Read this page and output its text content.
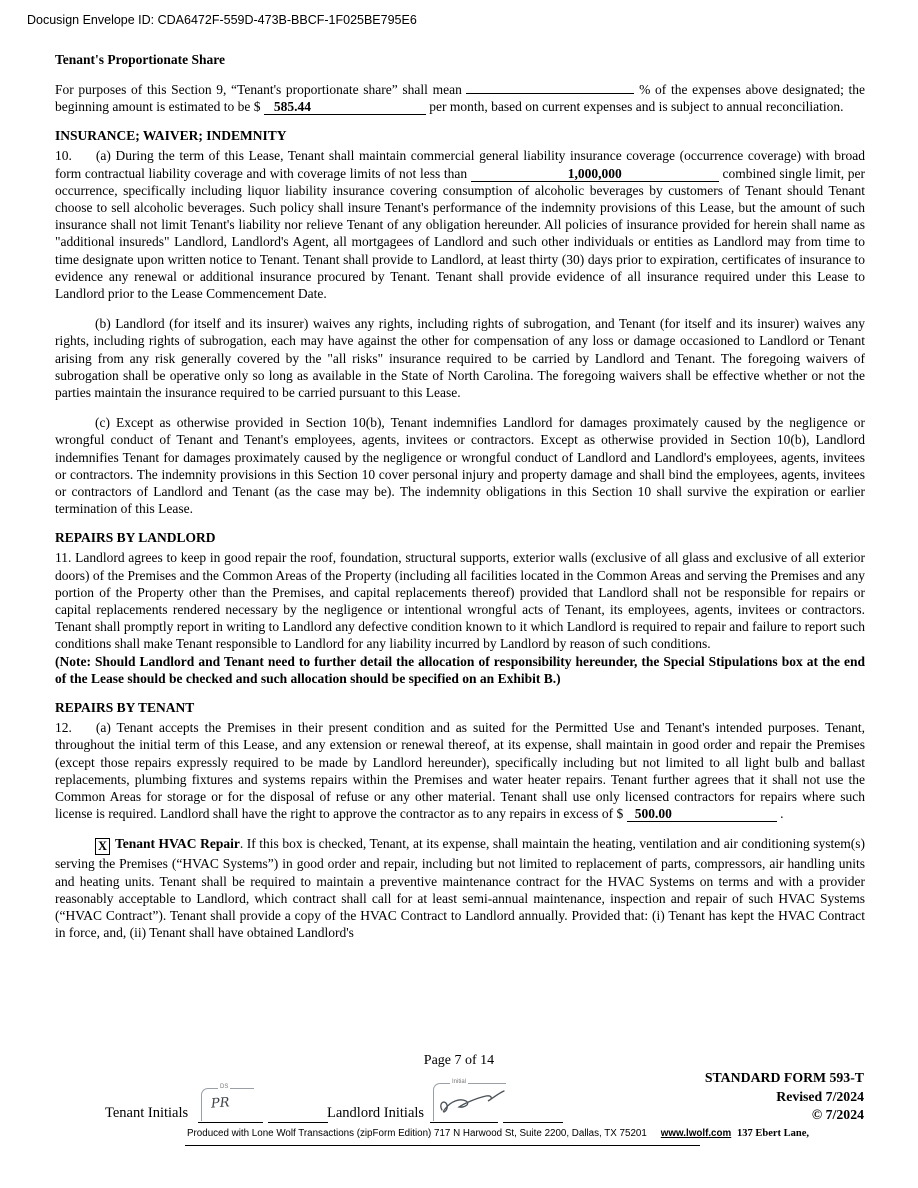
Docusign Envelope ID: CDA6472F-559D-473B-BBCF-1F025BE795E6
Tenant's Proportionate Share

For purposes of this Section 9, “Tenant's proportionate share” shall mean	% of the expenses above designated; the beginning amount is estimated to be $ 585.44	per month, based on current expenses and is subject to annual reconciliation.

INSURANCE; WAIVER; INDEMNITY

10. (a) During the term of this Lease, Tenant shall maintain commercial general liability insurance coverage (occurrence coverage) with broad form contractual liability coverage and with coverage limits of not less than	1,000,000	combined single limit, per occurrence, specifically including liquor liability insurance covering consumption of alcoholic beverages by customers of Tenant should Tenant choose to sell alcoholic beverages. Such policy shall insure Tenant's performance of the indemnity provisions of this Lease, but the amount of such insurance shall not limit Tenant's liability nor relieve Tenant of any obligation hereunder. All policies of insurance provided for herein shall name as "additional insureds" Landlord, Landlord's Agent, all mortgagees of Landlord and such other individuals or entities as Landlord may from time to time designate upon written notice to Tenant. Tenant shall provide to Landlord, at least thirty (30) days prior to expiration, certificates of insurance to evidence any renewal or additional insurance procured by Tenant. Tenant shall provide evidence of all insurance required under this Lease to Landlord prior to the Lease Commencement Date.

(b) Landlord (for itself and its insurer) waives any rights, including rights of subrogation, and Tenant (for itself and its insurer) waives any rights, including rights of subrogation, each may have against the other for compensation of any loss or damage occasioned to Landlord or Tenant arising from any risk generally covered by the "all risks" insurance required to be carried by Landlord and Tenant. The foregoing waivers of subrogation shall be operative only so long as available in the State of North Carolina. The foregoing waivers shall be effective whether or not the parties maintain the insurance required to be carried pursuant to this Lease.

(c) Except as otherwise provided in Section 10(b), Tenant indemnifies Landlord for damages proximately caused by the negligence or wrongful conduct of Tenant and Tenant's employees, agents, invitees or contractors. Except as otherwise provided in Section 10(b), Landlord indemnifies Tenant for damages proximately caused by the negligence or wrongful conduct of Landlord and Landlord's employees, agents, invitees or contractors. The indemnity provisions in this Section 10 cover personal injury and property damage and shall bind the employees, agents, invitees or contractors of Landlord and Tenant (as the case may be). The indemnity obligations in this Section 10 shall survive the expiration or earlier termination of this Lease.

REPAIRS BY LANDLORD

11. Landlord agrees to keep in good repair the roof, foundation, structural supports, exterior walls (exclusive of all glass and exclusive of all exterior doors) of the Premises and the Common Areas of the Property (including all facilities located in the Common Areas and serving the Premises and any portion of the Property other than the Premises, and capital replacements thereof) provided that Landlord shall not be responsible for repairs or capital replacements rendered necessary by the negligence or intentional wrongful acts of Tenant, its employees, agents, invitees or contractors. Tenant shall promptly report in writing to Landlord any defective condition known to it which Landlord is required to repair and failure to report such conditions shall make Tenant responsible to Landlord for any liability incurred by Landlord by reason of such conditions.

(Note: Should Landlord and Tenant need to further detail the allocation of responsibility hereunder, the Special Stipulations box at the end of the Lease should be checked and such allocation should be specified on an Exhibit B.)

REPAIRS BY TENANT

12. (a) Tenant accepts the Premises in their present condition and as suited for the Permitted Use and Tenant's intended purposes. Tenant, throughout the initial term of this Lease, and any extension or renewal thereof, at its expense, shall maintain in good order and repair the Premises (except those repairs expressly required to be made by Landlord hereunder), specifically including but not limited to all light bulb and ballast replacements, plumbing fixtures and systems repairs within the Premises and water heater repairs. Tenant further agrees that it shall not use the Common Areas for storage or for the disposal of refuse or any other material. Tenant shall use only licensed contractors for repairs where such license is required. Landlord shall have the right to approve the contractor as to any repairs in excess of $ 500.00	.

X Tenant HVAC Repair. If this box is checked, Tenant, at its expense, shall maintain the heating, ventilation and air conditioning system(s) serving the Premises (“HVAC Systems”) in good order and repair, including but not limited to replacement of parts, compressors, air handling units and heating units. Tenant shall be required to maintain a preventive maintenance contract for the HVAC Systems on terms and with a provider reasonably acceptable to Landlord, which contract shall call for at least semi-annual maintenance, inspection and repair of such HVAC Systems (“HVAC Contract”). Tenant shall provide a copy of the HVAC Contract to Landlord annually. Provided that: (i) Tenant has kept the HVAC Contract in force, and, (ii) Tenant shall have obtained Landlord's

Page 7 of 14
STANDARD FORM 593-T
Revised 7/2024
© 7/2024
Tenant Initials	Landlord Initials
DS
PR
Initial
Produced with Lone Wolf Transactions (zipForm Edition) 717 N Harwood St, Suite 2200, Dallas, TX 75201 www.lwolf.com 137 Ebert Lane,
